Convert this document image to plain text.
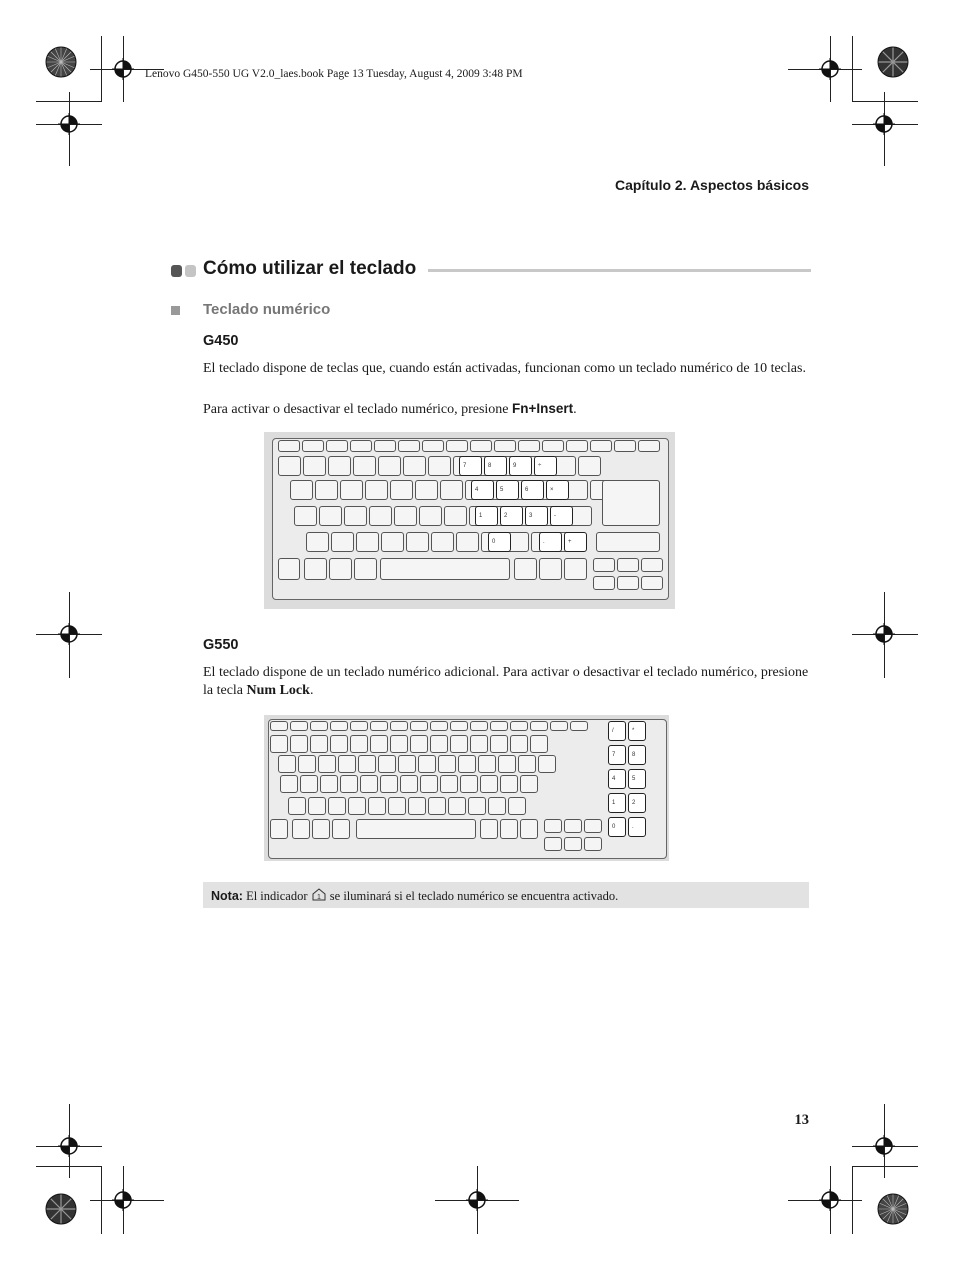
Lenovo G450-550 UG V2.0_laes.book Page 13 Tuesday, August 4, 2009 3:48 PM
Capítulo 2. Aspectos básicos
Cómo utilizar el teclado
Teclado numérico
G450
El teclado dispone de teclas que, cuando están activadas, funcionan como un teclado numérico de 10 teclas.
Para activar o desactivar el teclado numérico, presione Fn+Insert.
7	8	9	÷
4	5	6	×
1	2	3	-
0	.	+
G550
El teclado dispone de un teclado numérico adicional. Para activar o desactivar el teclado numérico, presione la tecla Num Lock.
/	*
7	8
4	5
1	2
0	.
Nota: El indicador 1 se iluminará si el teclado numérico se encuentra activado.
13
